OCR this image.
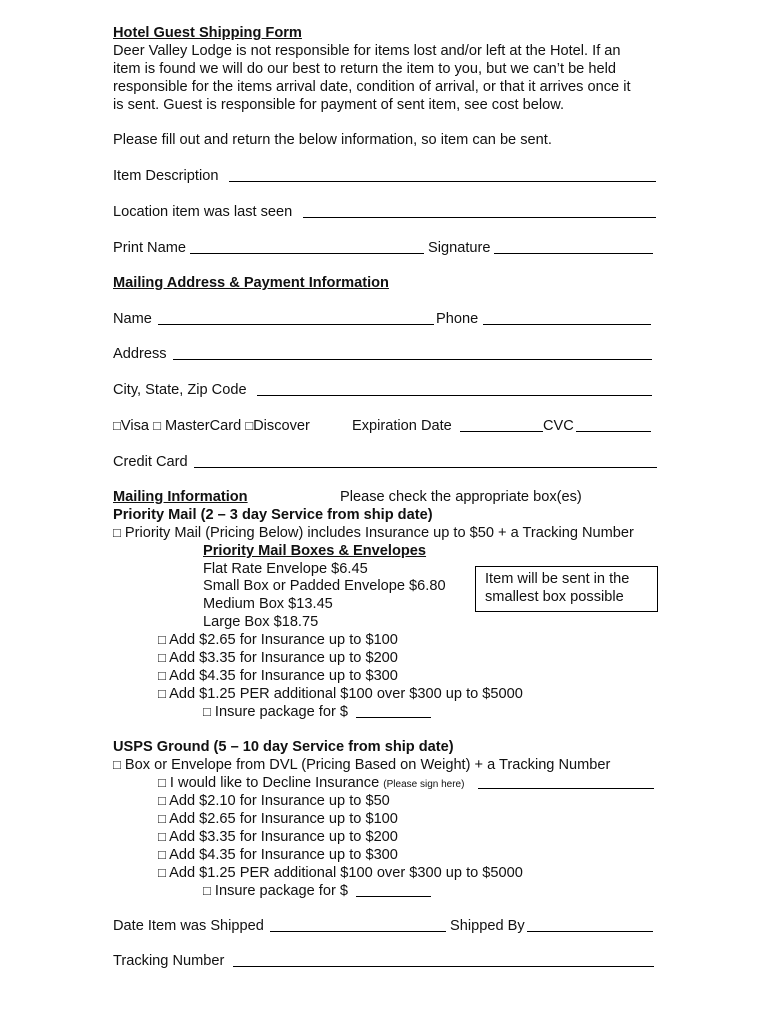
Hotel Guest Shipping Form
Deer Valley Lodge is not responsible for items lost and/or left at the Hotel. If an
item is found we will do our best to return the item to you, but we can’t be held
responsible for the items arrival date, condition of arrival, or that it arrives once it
is sent. Guest is responsible for payment of sent item, see cost below.
Please fill out and return the below information, so item can be sent.
Item Description
Location item was last seen
Print Name	Signature
Mailing Address & Payment Information
Name	Phone
Address
City, State, Zip Code
□Visa □ MasterCard □Discover	Expiration Date	CVC
Credit Card
Mailing Information	Please check the appropriate box(es)
Priority Mail (2 – 3 day Service from ship date)
□ Priority Mail (Pricing Below) includes Insurance up to $50 + a Tracking Number
Priority Mail Boxes & Envelopes
Flat Rate Envelope $6.45
Small Box or Padded Envelope $6.80
Medium Box $13.45
Large Box $18.75
Item will be sent in the smallest box possible
□ Add $2.65 for Insurance up to $100
□ Add $3.35 for Insurance up to $200
□ Add $4.35 for Insurance up to $300
□ Add $1.25 PER additional $100 over $300 up to $5000
□ Insure package for $
USPS Ground (5 – 10 day Service from ship date)
□ Box or Envelope from DVL (Pricing Based on Weight) + a Tracking Number
□ I would like to Decline Insurance (Please sign here)
□ Add $2.10 for Insurance up to $50
□ Add $2.65 for Insurance up to $100
□ Add $3.35 for Insurance up to $200
□ Add $4.35 for Insurance up to $300
□ Add $1.25 PER additional $100 over $300 up to $5000
□ Insure package for $
Date Item was Shipped	Shipped By
Tracking Number
